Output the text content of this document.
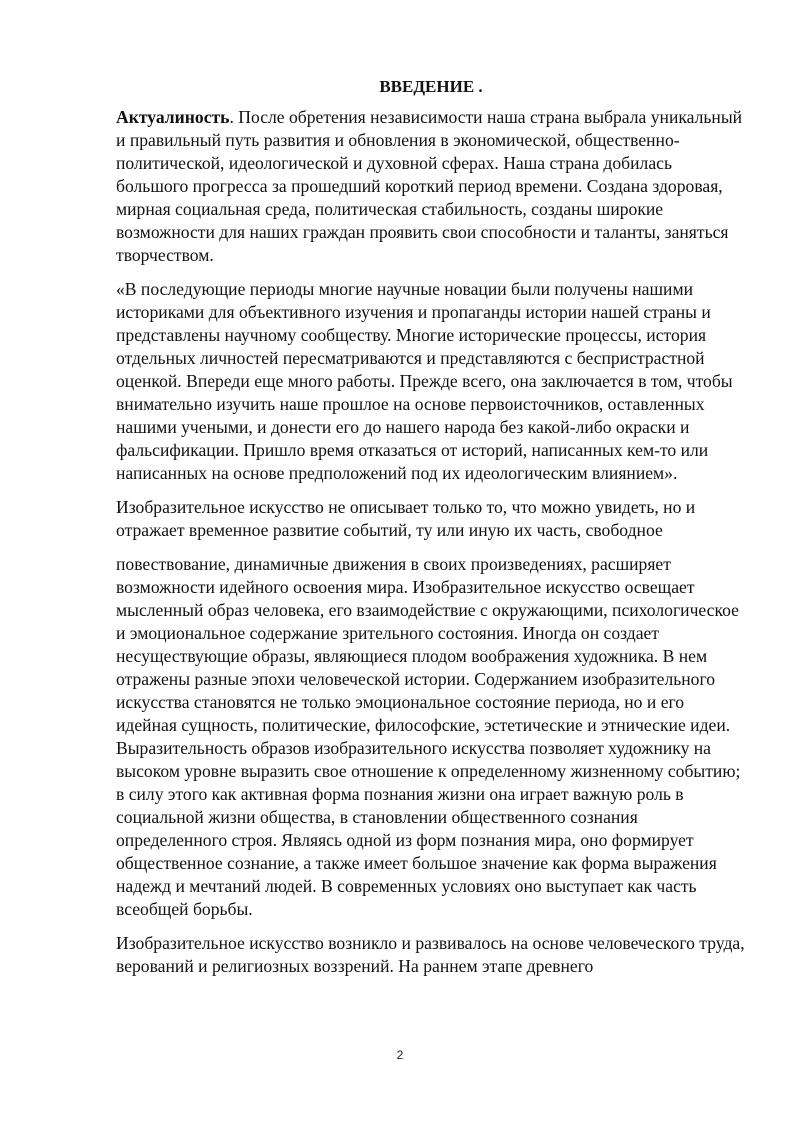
ВВЕДЕНИЕ .

Актуалиность. После обретения независимости наша страна выбрала уникальный и правильный путь развития и обновления в экономической, общественно-политической, идеологической и духовной сферах. Наша страна добилась большого прогресса за прошедший короткий период времени. Создана здоровая, мирная социальная среда, политическая стабильность, созданы широкие возможности для наших граждан проявить свои способности и таланты, заняться творчеством.

«В последующие периоды многие научные новации были получены нашими историками для объективного изучения и пропаганды истории нашей страны и представлены научному сообществу. Многие исторические процессы, история отдельных личностей пересматриваются и представляются с беспристрастной оценкой. Впереди еще много работы. Прежде всего, она заключается в том, чтобы внимательно изучить наше прошлое на основе первоисточников, оставленных нашими учеными, и донести его до нашего народа без какой-либо окраски и фальсификации. Пришло время отказаться от историй, написанных кем-то или написанных на основе предположений под их идеологическим влиянием».

Изобразительное искусство не описывает только то, что можно увидеть, но и отражает временное развитие событий, ту или иную их часть, свободное

повествование, динамичные движения в своих произведениях, расширяет возможности идейного освоения мира. Изобразительное искусство освещает мысленный образ человека, его взаимодействие с окружающими, психологическое и эмоциональное содержание зрительного состояния. Иногда он создает несуществующие образы, являющиеся плодом воображения художника. В нем отражены разные эпохи человеческой истории. Содержанием изобразительного искусства становятся не только эмоциональное состояние периода, но и его идейная сущность, политические, философские, эстетические и этнические идеи. Выразительность образов изобразительного искусства позволяет художнику на высоком уровне выразить свое отношение к определенному жизненному событию; в силу этого как активная форма познания жизни она играет важную роль в социальной жизни общества, в становлении общественного сознания определенного строя. Являясь одной из форм познания мира, оно формирует общественное сознание, а также имеет большое значение как форма выражения надежд и мечтаний людей. В современных условиях оно выступает как часть всеобщей борьбы.

Изобразительное искусство возникло и развивалось на основе человеческого труда, верований и религиозных воззрений. На раннем этапе древнего

2
